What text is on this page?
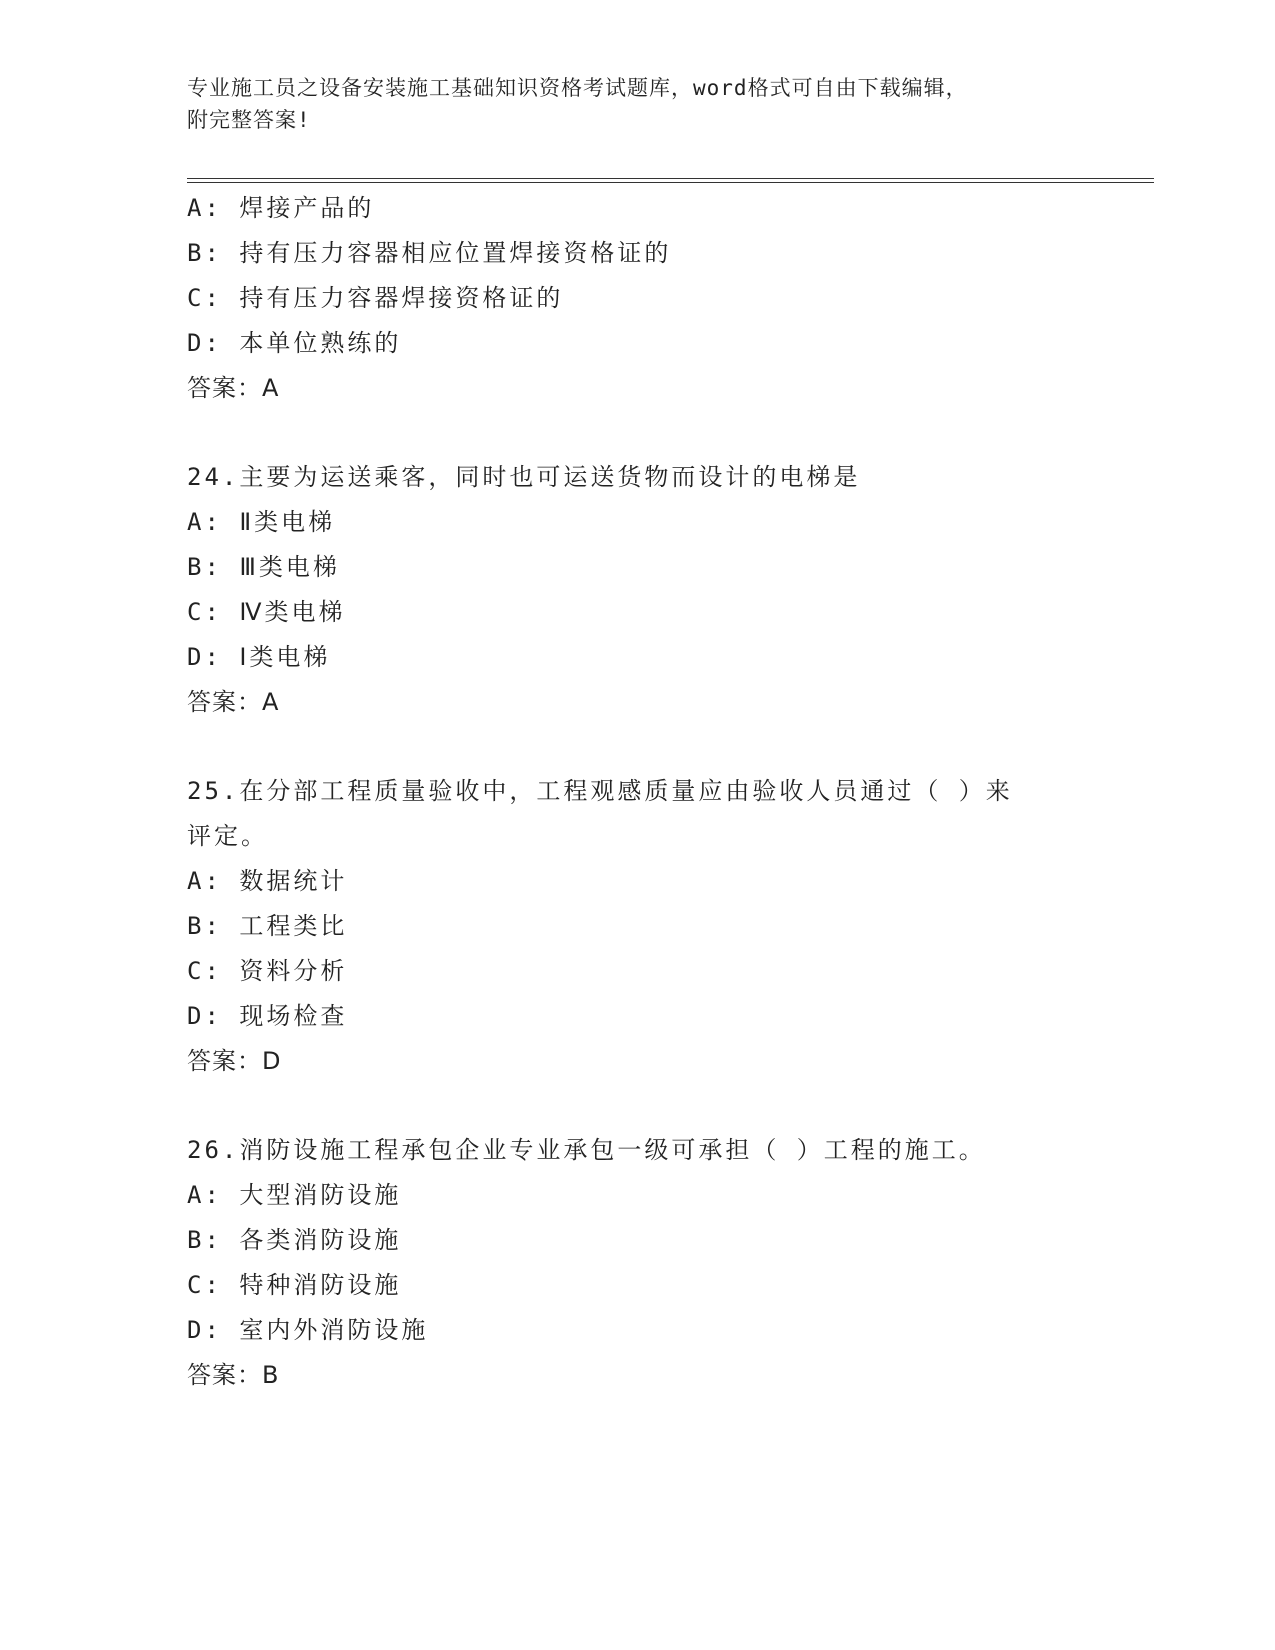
专业施工员之设备安装施工基础知识资格考试题库，word格式可自由下载编辑，
附完整答案!
A: 焊接产品的
B: 持有压力容器相应位置焊接资格证的
C: 持有压力容器焊接资格证的
D: 本单位熟练的
答案：A
24.主要为运送乘客，同时也可运送货物而设计的电梯是
A: Ⅱ类电梯
B: Ⅲ类电梯
C: Ⅳ类电梯
D: Ⅰ类电梯
答案：A
25.在分部工程质量验收中，工程观感质量应由验收人员通过（ ）来
评定。
A: 数据统计
B: 工程类比
C: 资料分析
D: 现场检查
答案：D
26.消防设施工程承包企业专业承包一级可承担（ ）工程的施工。
A: 大型消防设施
B: 各类消防设施
C: 特种消防设施
D: 室内外消防设施
答案：B
